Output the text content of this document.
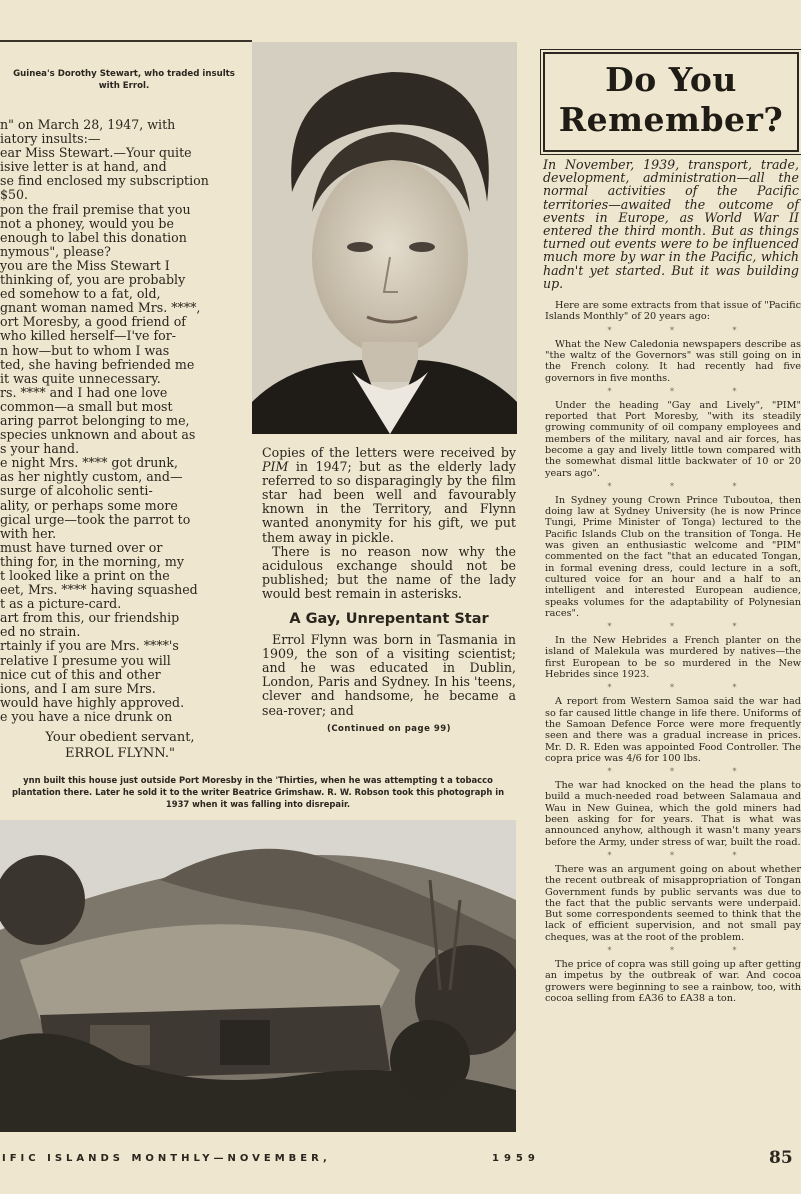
Guinea's Dorothy Stewart, who traded insults with Errol.

n" on March 28, 1947, with

iatory insults:—

ear Miss Stewart.—Your quite

isive letter is at hand, and

se find enclosed my subscription

$50.

pon the frail premise that you

not a phoney, would you be

enough to label this donation

nymous", please?

you are the Miss Stewart I

thinking of, you are probably

ed somehow to a fat, old,

gnant woman named Mrs. ****,

ort Moresby, a good friend of

who killed herself—I've for-

n how—but to whom I was

ted, she having befriended me

it was quite unnecessary.

rs. **** and I had one love

common—a small but most

aring parrot belonging to me,

species unknown and about as

s your hand.

e night Mrs. **** got drunk,

as her nightly custom, and—

surge of alcoholic senti-

ality, or perhaps some more

gical urge—took the parrot to

with her.

must have turned over or

thing for, in the morning, my

t looked like a print on the

eet, Mrs. **** having squashed

t as a picture-card.

art from this, our friendship

ed no strain.

rtainly if you are Mrs. ****'s

relative I presume you will

nice cut of this and other

ions, and I am sure Mrs.

would have highly approved.

e you have a nice drunk on

Your obedient servant,
ERROL FLYNN."

Copies of the letters were received by PIM in 1947; but as the elderly lady referred to so disparagingly by the film star had been well and favourably known in the Territory, and Flynn wanted anonymity for his gift, we put them away in pickle.

There is no reason now why the acidulous exchange should not be published; but the name of the lady would best remain in asterisks.

A Gay, Unrepentant Star

Errol Flynn was born in Tasmania in 1909, the son of a visiting scientist; and he was educated in Dublin, London, Paris and Sydney. In his 'teens, clever and handsome, he became a sea-rover; and

(Continued on page 99)
ynn built this house just outside Port Moresby in the 'Thirties, when he was attempting t a tobacco plantation there. Later he sold it to the writer Beatrice Grimshaw. R. W. Robson took this photograph in 1937 when it was falling into disrepair.
Do You
Remember?
In November, 1939, transport, trade, development, administration—all the normal activities of the Pacific territories—awaited the outcome of events in Europe, as World War II entered the third month. But as things turned out events were to be influenced much more by war in the Pacific, which hadn't yet started. But it was building up.

Here are some extracts from that issue of "Pacific Islands Monthly" of 20 years ago:

* * *

What the New Caledonia newspapers describe as "the waltz of the Governors" was still going on in the French colony. It had recently had five governors in five months.

* * *

Under the heading "Gay and Lively", "PIM" reported that Port Moresby, "with its steadily growing community of oil company employees and members of the military, naval and air forces, has become a gay and lively little town compared with the somewhat dismal little backwater of 10 or 20 years ago".

* * *

In Sydney young Crown Prince Tuboutoa, then doing law at Sydney University (he is now Prince Tungi, Prime Minister of Tonga) lectured to the Pacific Islands Club on the transition of Tonga. He was given an enthusiastic welcome and "PIM" commented on the fact "that an educated Tongan, in formal evening dress, could lecture in a soft, cultured voice for an hour and a half to an intelligent and interested European audience, speaks volumes for the adaptability of Polynesian races".

* * *

In the New Hebrides a French planter on the island of Malekula was murdered by natives—the first European to be so murdered in the New Hebrides since 1923.

* * *

A report from Western Samoa said the war had so far caused little change in life there. Uniforms of the Samoan Defence Force were more frequently seen and there was a gradual increase in prices. Mr. D. R. Eden was appointed Food Controller. The copra price was 4/6 for 100 lbs.

* * *

The war had knocked on the head the plans to build a much-needed road between Salamaua and Wau in New Guinea, which the gold miners had been asking for for years. That is what was announced anyhow, although it wasn't many years before the Army, under stress of war, built the road.

* * *

There was an argument going on about whether the recent outbreak of misappropriation of Tongan Government funds by public servants was due to the fact that the public servants were underpaid. But some correspondents seemed to think that the lack of efficient supervision, and not small pay cheques, was at the root of the problem.

* * *

The price of copra was still going up after getting an impetus by the outbreak of war. And cocoa growers were beginning to see a rainbow, too, with cocoa selling from £A36 to £A38 a ton.

IFIC ISLANDS MONTHLY—NOVEMBER,	1959	85
